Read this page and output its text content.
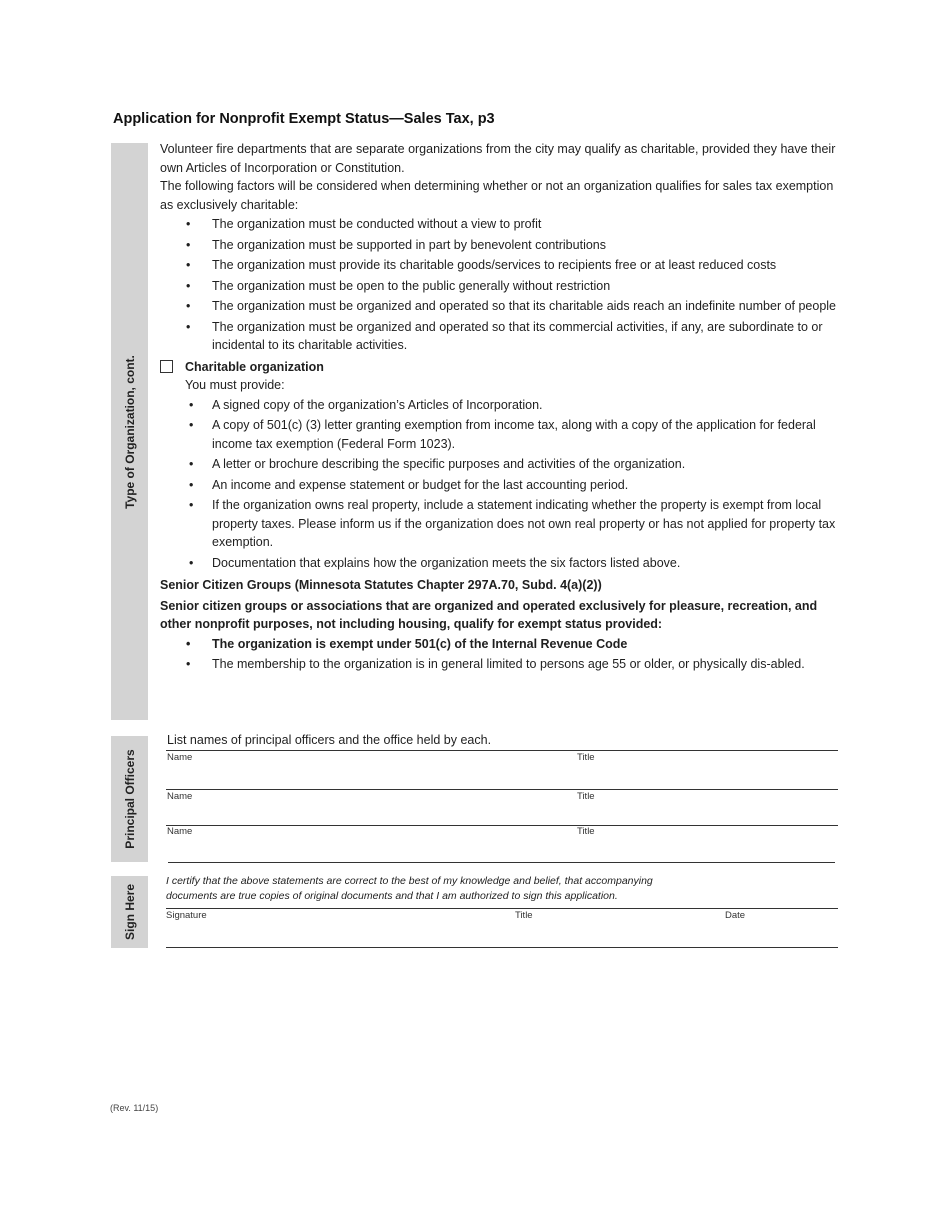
Application for Nonprofit Exempt Status—Sales Tax, p3
Type of Organization, cont.

Volunteer fire departments that are separate organizations from the city may qualify as charitable, provided they have their own Articles of Incorporation or Constitution.

The following factors will be considered when determining whether or not an organization qualifies for sales tax exemption as exclusively charitable:

• The organization must be conducted without a view to profit
• The organization must be supported in part by benevolent contributions
• The organization must provide its charitable goods/services to recipients free or at least reduced costs
• The organization must be open to the public generally without restriction
• The organization must be organized and operated so that its charitable aids reach an indefinite number of people
• The organization must be organized and operated so that its commercial activities, if any, are subordinate to or incidental to its charitable activities.
Charitable organization

You must provide:

• A signed copy of the organization’s Articles of Incorporation.
• A copy of 501(c) (3) letter granting exemption from income tax, along with a copy of the application for federal income tax exemption (Federal Form 1023).
• A letter or brochure describing the specific purposes and activities of the organization.
• An income and expense statement or budget for the last accounting period.
• If the organization owns real property, include a statement indicating whether the property is exempt from local property taxes. Please inform us if the organization does not own real property or has not applied for property tax exemption.
• Documentation that explains how the organization meets the six factors listed above.

Senior Citizen Groups (Minnesota Statutes Chapter 297A.70, Subd. 4(a)(2))

Senior citizen groups or associations that are organized and operated exclusively for pleasure, recreation, and other nonprofit purposes, not including housing, qualify for exempt status provided:

• The organization is exempt under 501(c) of the Internal Revenue Code
• The membership to the organization is in general limited to persons age 55 or older, or physically dis-abled.
Principal Officers
List names of principal officers and the office held by each.
Name	Title
Name	Title
Name	Title
Sign Here
I certify that the above statements are correct to the best of my knowledge and belief, that accompanying
documents are true copies of original documents and that I am authorized to sign this application.
Signature	Title	Date
(Rev. 11/15)
